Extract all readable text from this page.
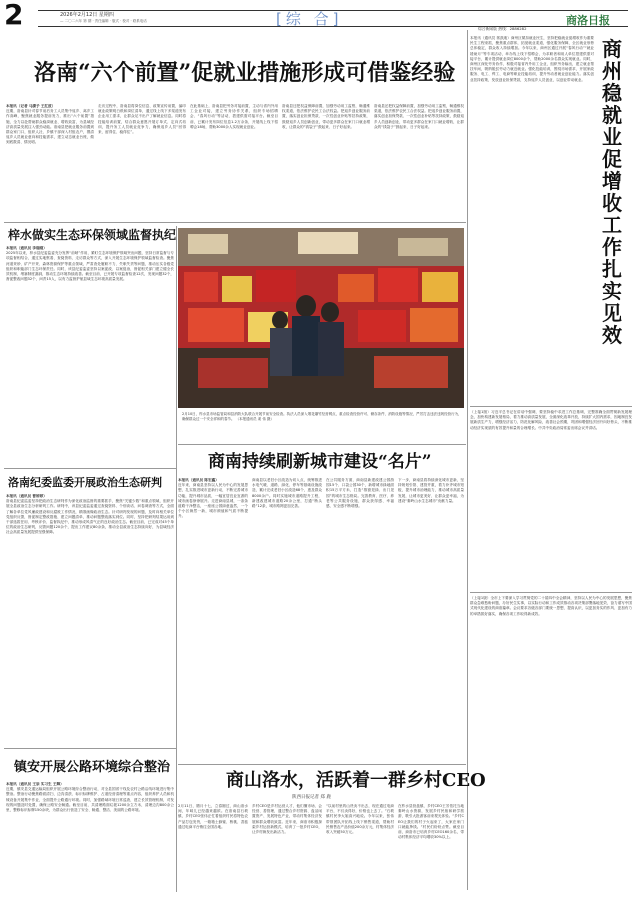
2	2026年2月12日 星期四
— 二〇二六年 第 期 · 责任编辑 · 版式 · 校对 · 联系电话	[综 合]	商洛日报
综合新闻版 热线：2886282
洛南“六个前置”促就业措施形成可借鉴经验

本报讯（记者 马潇予 王红波）

近期，洛南县针对春节前后务工人员集中返乡、离乡工作高峰，聚焦就业服务提前发力，推出“六个前置”措施，全力以赴帮助群众稳岗就业、增收致富，为县域经济高质量发展注入强劲动能。洛南县把就业服务前置到群众家门口，组织人社、乡镇干部深入村组农户，摸清返乡人员就业意向和技能需求，建立动态就业台账，做到底数清、情况明。

走访过程中，洛南县将岗位信息、政策宣传前置，编印就业政策明白纸和岗位清单，通过线上线下多渠道发布企业用工需求，让群众足不出户了解就业信息。同时将技能培训前置，结合群众意愿开展订单式、定向式培训，提升务工人员就业竞争力，确保返乡人员“回得来、留得住、稳得住”。

在此基础上，洛南县把劳务对接前置，主动与省内外用工企业对接，建立劳务协作关系，组织专场招聘会、“春风行动”等活动，搭建供需对接平台。截至目前，已累计发布岗位信息1.2万余条，开展线上线下招聘会18场，帮助3000余人实现就业创业。

洛南县还把权益保障前置，加强劳动用工监察，畅通维权渠道，依法维护农民工合法权益。把返乡创业服务前置，落实创业担保贷款、一次性创业补贴等扶持政策，鼓励返乡人员创新创业，带动更多群众在家门口就业增收，让群众的“钱袋子”鼓起来、日子好起来。

洛南县还把权益保障前置，加强劳动用工监察，畅通维权渠道，依法维护农民工合法权益。把返乡创业服务前置，落实创业担保贷款、一次性创业补贴等扶持政策，鼓励返乡人员创新创业，带动更多群众在家门口就业增收，让群众的“钱袋子”鼓起来、日子好起来。

本报讯（通讯员 郭凯迪）商州区紧扣就业民生，坚持把稳就业促增收作为重要民生工程来抓，聚焦重点群体，拓宽就业渠道，强化服务保障，全区就业形势总体稳定，群众收入持续增加。今年以来，商州区通过开展“春风行动”“就业援助月”等专项活动，举办线上线下招聘会，为求职者和用人单位搭建供需对接平台，累计提供就业岗位8000余个，帮助2000余名群众实现就业。同时，商州区深化劳务协作，积极对接省内外用工企业，组织劳务输出，建立就业帮扶车间，吸纳脱贫劳动力就近就业。强化技能培训，围绕市场需求，开展家政服务、电工、焊工、电商等职业技能培训，提升劳动者就业创业能力。落实创业扶持政策，发放创业担保贷款，支持返乡人员创业，以创业带动就业。

商州稳就业促增收工作扎实见效

（上接1版）习近平总书记在讲话中强调，要坚持稳中求进工作总基调，完整准确全面贯彻新发展理念，加快构建新发展格局，着力推动高质量发展，全面深化改革开放，持续扩大国内需求，因地制宜发展新质生产力，增强经济活力，防范化解风险，改善社会预期，巩固和增强经济回升向好势头，不断推动经济实现质的有效提升和量的合理增长。中共中央政治局常委出席会议并讲话。

（上接1版）全市上下要深入学习贯彻党的二十届四中全会精神，坚持以人民为中心的发展思想，聚焦群众急难愁盼问题，办好民生实事，以实际行动和工作成效推动各项决策部署落地见效，奋力谱写中国式现代化建设的商洛篇章。会议要求各级各部门要统一思想、提高认识，以更加务实的作风、更加有力的举措抓好落实，确保各项工作取得新成效。

梓水做实生态环保领域监督执纪

本报讯（通讯员 李瑞刚）

2025年以来，梓水县纪委监委充分发挥“前哨”作用，紧盯生态环境保护领域突出问题，坚持日常监督与专项监督相结合，通过实地察看、查阅资料、走访群众等方式，深入开展生态环境保护领域监督检查。聚焦河道采砂、矿产开采、森林资源保护等重点领域，严肃查处履职不力、失职失责等问题，推动压实各级党组织和职能部门生态环保责任。同时，该县纪委监委坚持以案促改、以案促治，督促相关部门建立健全长效机制，堵塞制度漏洞，推动生态环境持续改善。截至目前，已开展专项监督检查12次，发现问题32个，督促整改问题32个，问责15人，以有力监督护航县域生态环境高质量发展。

2月10日，柞水县市场监管局和县消防大队联合开展节前安全检查。执法人员深入烟花爆竹经营网点，重点检查经营许可、储存条件、消防设施等情况，严厉打击违法违规经营行为，确保群众过一个安全祥和的春节。 （本报通讯员 姜 伟 摄）
商南持续刷新城市建设“名片”

本报讯（通讯员 陈宏鑫）

近年来，商南县坚持以人民为中心的发展思想，扎实推进城市更新行动，不断完善城市功能，提升城市品质，一幅宜居宜业宜游的城市画卷徐徐展开。走进商南县城，一条条道路干净整洁，一座座公园绿意盎然，一个个小区焕然一新，城市颜值和气质不断提升。

商南县以老旧小区改造为切入点，统筹推进水电气暖、道路、绿化、停车等基础设施改造，累计完成老旧小区改造68个，惠及群众8000余户。同时实施城市道路提升工程，新建改建城市道路20余公里，打通“断头路”12条，城市路网更加完善。

在公共服务方面，商南县新建改建公园游园15个、口袋公园30个，新增城市绿地面积15万平方米，打造“推窗见绿、出门见园”的城市生态格局。完善教育、医疗、养老等公共服务设施，群众获得感、幸福感、安全感不断增强。

下一步，商南县将持续深化城市更新，坚持规划引领、建管并重，着力补齐城市短板，提升城市治理能力，推动城市高质量发展，让城市更美好、让群众更幸福，为建设“秦岭山水生态城市”贡献力量。

洛南纪委监委开展政治生态研判

本报讯（通讯员 曹婷婷）

洛南县纪委监委坚持把政治生态研判作为深化政治监督的重要抓手，聚焦“关键少数”和重点领域，组织开展全县政治生态分析研判工作。研判中，该县纪委监委通过查阅资料、个别谈话、问卷调查等方式，全面了解各单位党风廉政建设和反腐败工作情况，精准画像政治生态。针对研判发现的问题，及时向相关单位党组织反馈，督促制定整改措施、建立问题清单，推动问题整改落实到位。同时，坚持把研判结果运用到干部选拔任用、考核评价、监督执纪中，推动形成风清气正的良好政治生态。截至目前，已完成对45个单位的政治生态研判，反馈问题120余个，提出工作建议80余条，推动全县政治生态持续向好，为县域经济社会高质量发展提供坚强保障。

镇安开展公路环境综合整治

本报讯（通讯员 王崇 实习生 王卿）

近期，镇安县交通运输局组织开展公路环境综合整治行动，对全县国省干线及农村公路沿线环境进行集中整治。整治行动聚焦路面清扫、边沟清淤、标识标牌维护、占道经营清理等重点内容，组织养护人员和机械设备开展集中作业，全面提升公路通行环境。同时，加强路域环境日常巡查，建立长效管理机制，对发现的问题及时处置，确保公路安全畅通。截至目前，共清理路面垃圾1200余立方米，清理边沟800余公里，整修标识标牌150余块，为群众出行营造了安全、畅通、整洁、美丽的公路环境。

商山洛水，活跃着一群乡村CEO
陕西日报记者 郑 鹿

2月11日，腊月十七，立春刚过，商山洛水间，年味儿已经越来越浓。在洛南县石坡镇，乡村CEO张伟正忙着组织村民将特色农产品打包发货，一箱箱土蜂蜜、核桃、香菇通过电商平台销往全国各地。

乡村CEO是乡村运营人才，他们懂市场、会经营、善管理，通过整合乡村资源、盘活闲置资产、发展特色产业，带动村集体经济发展和群众增收致富。近年来，商洛市积极探索乡村运营新模式，培育了一批乡村CEO，让乡村焕发出新活力。

“以前村里的山货卖不出去，现在通过电商平台，不仅卖得好，价格也上去了。”石坡镇村民李大姐高兴地说。今年以来，张伟带领团队开拓线上线下销售渠道，帮助村民销售农产品价值200余万元，村集体经济收入突破50万元。

在柞水县营盘镇，乡村CEO王芳依托当地秦岭山水资源，发展乡村民宿和研学旅游，吸引大批游客前来观光体验。“乡村CEO让我们的村子火起来了，大家在家门口就能挣钱。”村民们纷纷点赞。截至目前，商洛市已培育乡村CEO160余名，带动村集体经济平均增收30%以上。
